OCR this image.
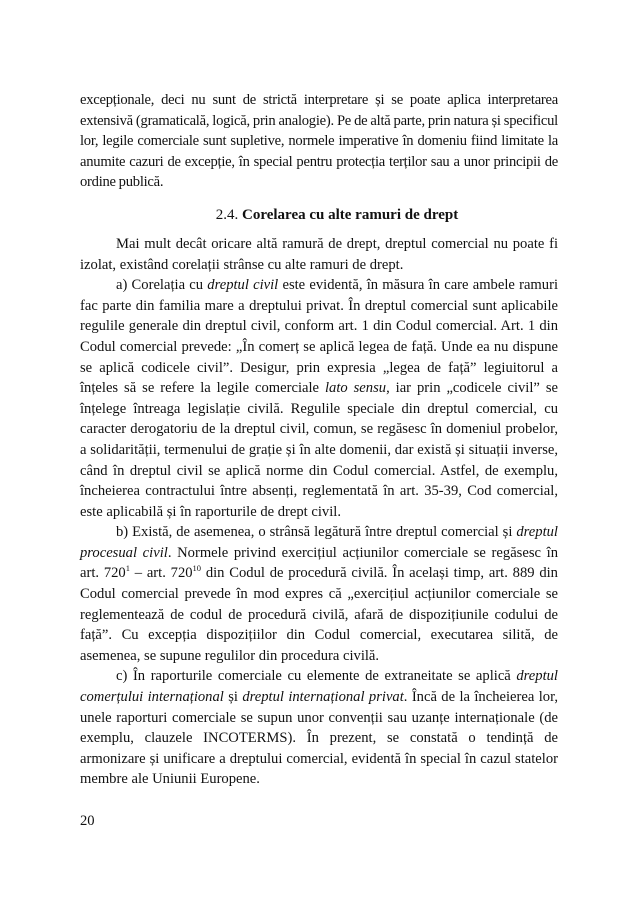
excepționale, deci nu sunt de strictă interpretare și se poate aplica interpretarea extensivă (gramaticală, logică, prin analogie). Pe de altă parte, prin natura și specificul lor, legile comerciale sunt supletive, normele imperative în domeniu fiind limitate la anumite cazuri de excepție, în special pentru protecția terților sau a unor principii de ordine publică.

2.4. Corelarea cu alte ramuri de drept

Mai mult decât oricare altă ramură de drept, dreptul comercial nu poate fi izolat, existând corelații strânse cu alte ramuri de drept.

a) Corelația cu dreptul civil este evidentă, în măsura în care ambele ramuri fac parte din familia mare a dreptului privat. În dreptul comercial sunt aplicabile regulile generale din dreptul civil, conform art. 1 din Codul comercial. Art. 1 din Codul comercial prevede: „În comerț se aplică legea de față. Unde ea nu dispune se aplică codicele civil”. Desigur, prin expresia „legea de față” legiuitorul a înțeles să se refere la legile comerciale lato sensu, iar prin „codicele civil” se înțelege întreaga legislație civilă. Regulile speciale din dreptul comercial, cu caracter derogatoriu de la dreptul civil, comun, se regăsesc în domeniul probelor, a solidarității, termenului de grație și în alte domenii, dar există și situații inverse, când în dreptul civil se aplică norme din Codul comercial. Astfel, de exemplu, încheierea contractului între absenți, reglementată în art. 35-39, Cod comercial, este aplicabilă și în raporturile de drept civil.

b) Există, de asemenea, o strânsă legătură între dreptul comercial și dreptul procesual civil. Normele privind exercițiul acțiunilor comerciale se regăsesc în art. $720^1$ – art. $720^{10}$ din Codul de procedură civilă. În același timp, art. 889 din Codul comercial prevede în mod expres că „exercițiul acțiunilor comerciale se reglementează de codul de procedură civilă, afară de dispozițiunile codului de față”. Cu excepția dispozițiilor din Codul comercial, executarea silită, de asemenea, se supune regulilor din procedura civilă.

c) În raporturile comerciale cu elemente de extraneitate se aplică dreptul comerțului internațional și dreptul internațional privat. Încă de la încheierea lor, unele raporturi comerciale se supun unor convenții sau uzanțe internaționale (de exemplu, clauzele INCOTERMS). În prezent, se constată o tendință de armonizare și unificare a dreptului comercial, evidentă în special în cazul statelor membre ale Uniunii Europene.

20
